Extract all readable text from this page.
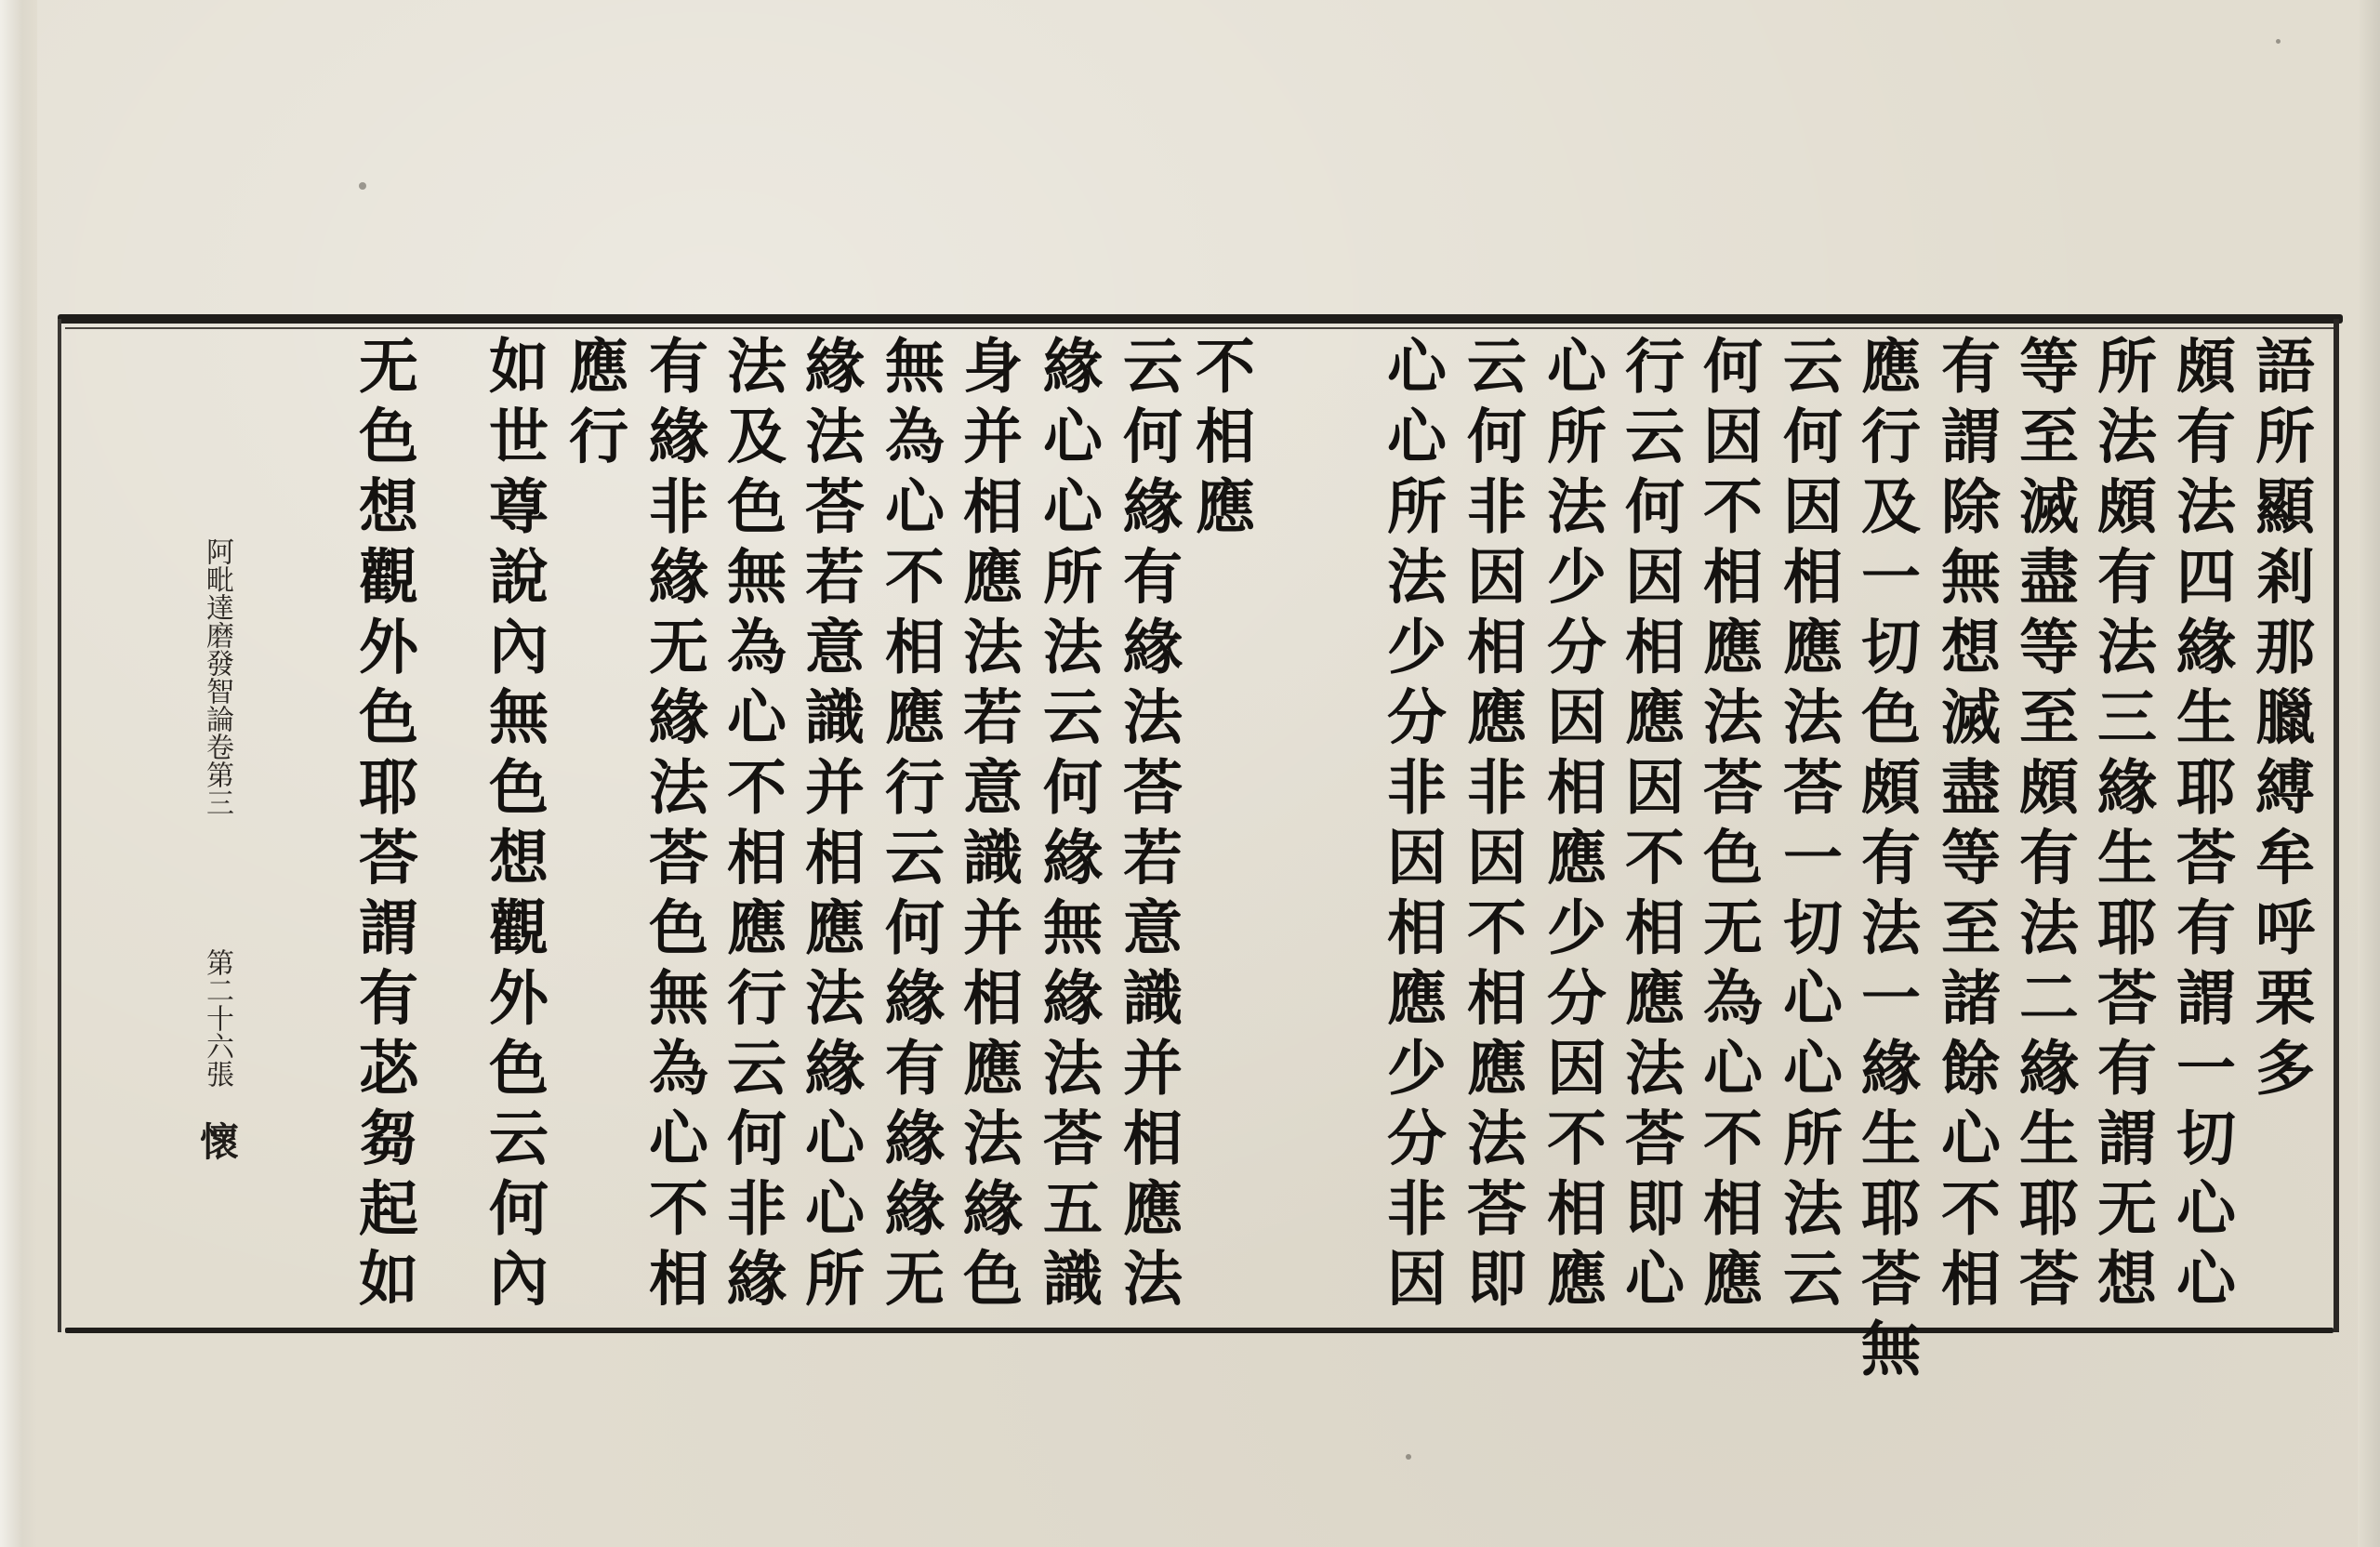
語所顯剎那臘縛牟呼栗多
頗有法四緣生耶荅有謂一切心心
所法頗有法三緣生耶荅有謂无想
等至滅盡等至頗有法二緣生耶荅
有謂除無想滅盡等至諸餘心不相
應行及一切色頗有法一緣生耶荅無
云何因相應法荅一切心心所法云
何因不相應法荅色无為心不相應
行云何因相應因不相應法荅即心
心所法少分因相應少分因不相應
云何非因相應非因不相應法荅即
心心所法少分非因相應少分非因
不相應
云何緣有緣法荅若意識并相應法
緣心心所法云何緣無緣法荅五識
身并相應法若意識并相應法緣色
無為心不相應行云何緣有緣緣无
緣法荅若意識并相應法緣心心所
法及色無為心不相應行云何非緣
有緣非緣无緣法荅色無為心不相
應行
如世尊說內無色想觀外色云何內
无色想觀外色耶荅謂有苾芻起如
阿毗達磨發智論卷第三
第二十六張
懷
